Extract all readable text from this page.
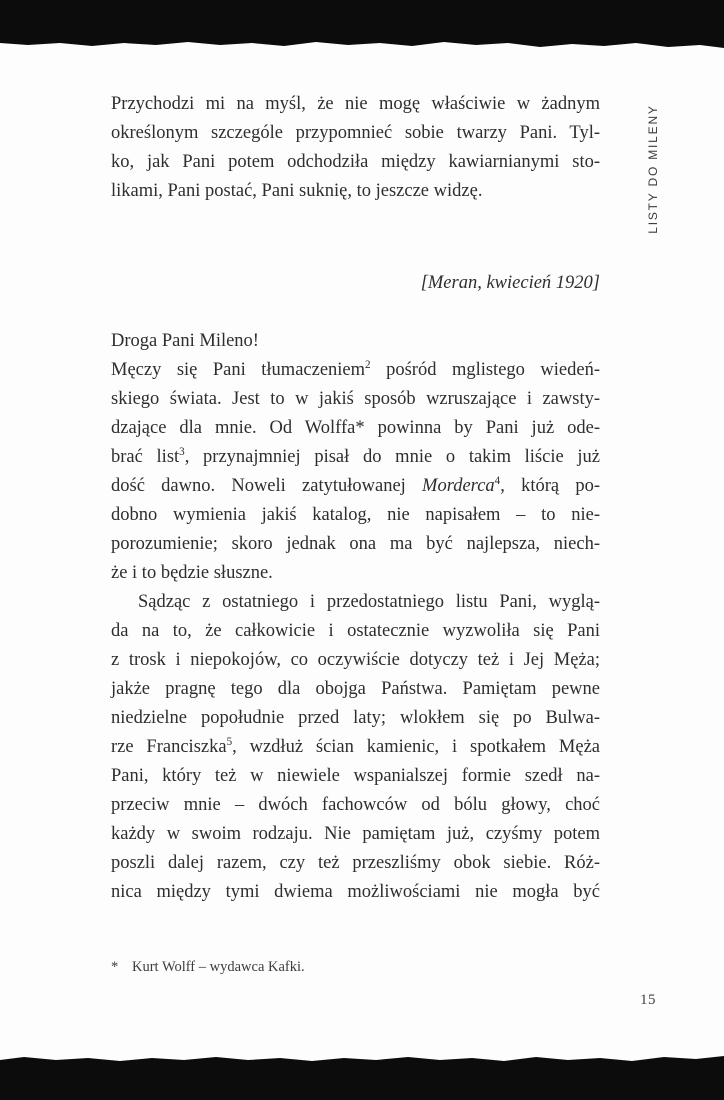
LISTY DO MILENY
Przychodzi mi na myśl, że nie mogę właściwie w żadnym
określonym szczególe przypomnieć sobie twarzy Pani. Tyl-
ko, jak Pani potem odchodziła między kawiarnianymi sto-
likami, Pani postać, Pani suknię, to jeszcze widzę.
[Meran, kwiecień 1920]
Droga Pani Mileno!
Męczy się Pani tłumaczeniem$^2$ pośród mglistego wiedeń-
skiego świata. Jest to w jakiś sposób wzruszające i zawsty-
dzające dla mnie. Od Wolffa* powinna by Pani już ode-
brać list$^3$, przynajmniej pisał do mnie o takim liście już
dość dawno. Noweli zatytułowanej Morderca$^4$, którą po-
dobno wymienia jakiś katalog, nie napisałem – to nie-
porozumienie; skoro jednak ona ma być najlepsza, niech-
że i to będzie słuszne.
Sądząc z ostatniego i przedostatniego listu Pani, wyglą-
da na to, że całkowicie i ostatecznie wyzwoliła się Pani
z trosk i niepokojów, co oczywiście dotyczy też i Jej Męża;
jakże pragnę tego dla obojga Państwa. Pamiętam pewne
niedzielne popołudnie przed laty; wlokłem się po Bulwa-
rze Franciszka$^5$, wzdłuż ścian kamienic, i spotkałem Męża
Pani, który też w niewiele wspanialszej formie szedł na-
przeciw mnie – dwóch fachowców od bólu głowy, choć
każdy w swoim rodzaju. Nie pamiętam już, czyśmy potem
poszli dalej razem, czy też przeszliśmy obok siebie. Róż-
nica między tymi dwiema możliwościami nie mogła być
* Kurt Wolff – wydawca Kafki.
15
